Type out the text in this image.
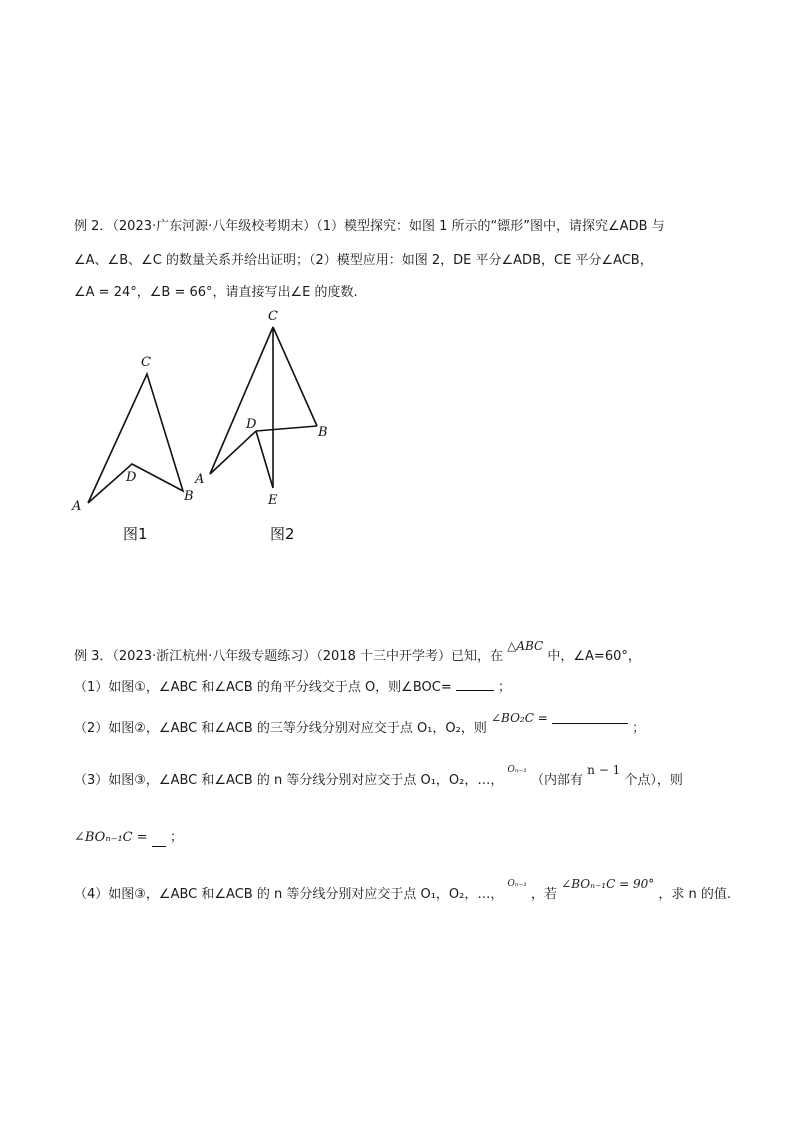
例 2．（2023·广东河源·八年级校考期末）（1）模型探究：如图 1 所示的“镖形”图中，请探究∠ADB 与
∠A、∠B、∠C 的数量关系并给出证明；（2）模型应用：如图 2，DE 平分∠ADB，CE 平分∠ACB，
∠A = 24°，∠B = 66°，请直接写出∠E 的度数.
C
D
B
A
图1
C
D
B
A
E
图2
例 3．（2023·浙江杭州·八年级专题练习）（2018 十三中开学考）已知，在 △ABC 中，∠A=60°，
（1）如图①，∠ABC 和∠ACB 的角平分线交于点 O，则∠BOC=	；
（2）如图②，∠ABC 和∠ACB 的三等分线分别对应交于点 O₁，O₂，则 ∠BO₂C =  ；
（3）如图③，∠ABC 和∠ACB 的 n 等分线分别对应交于点 O₁，O₂，…， $^{O_{n-1}}$ （内部有 n − 1 个点），则
∠BOₙ₋₁C = ；
（4）如图③，∠ABC 和∠ACB 的 n 等分线分别对应交于点 O₁，O₂，…， $^{O_{n-1}}$ ，若 ∠BOₙ₋₁C = 90° ，求 n 的值.
